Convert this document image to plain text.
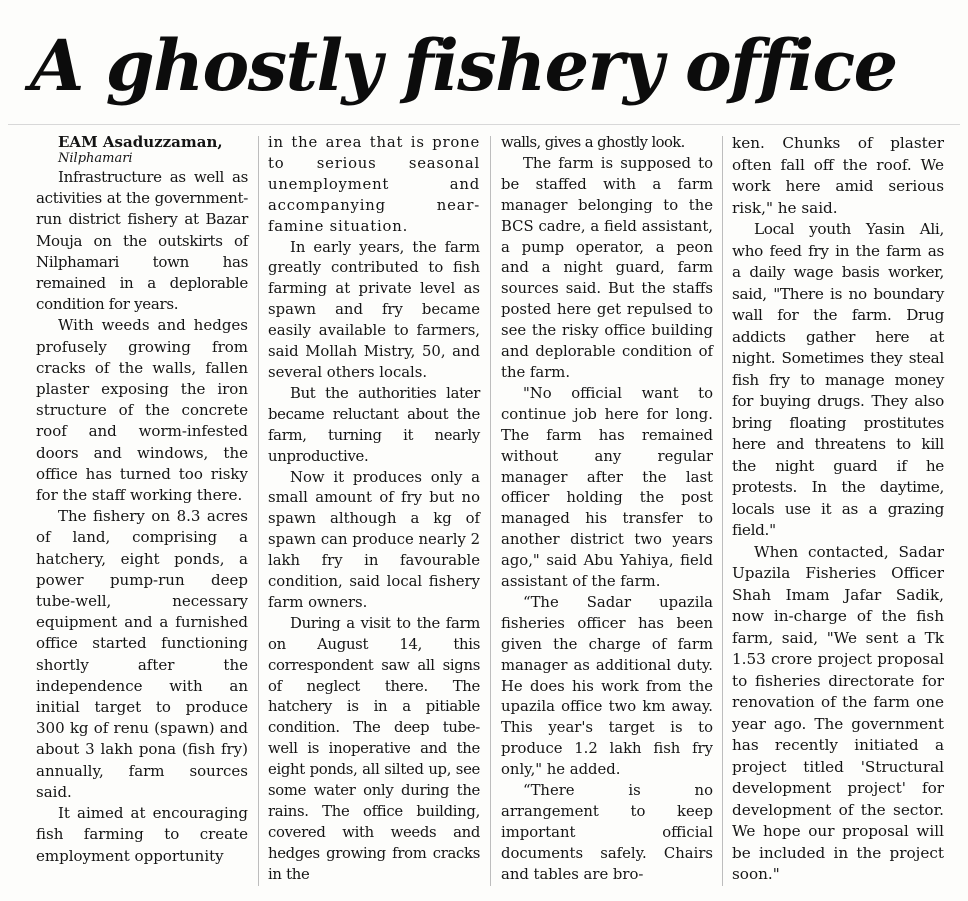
A ghostly fishery office

EAM Asaduzzaman,

Nilphamari

Infrastructure as well as activities at the government-run district fishery at Bazar Mouja on the outskirts of Nilphamari town has remained in a deplorable condition for years.

With weeds and hedges profusely growing from cracks of the walls, fallen plaster exposing the iron structure of the concrete roof and worm-infested doors and windows, the office has turned too risky for the staff working there.

The fishery on 8.3 acres of land, comprising a hatchery, eight ponds, a power pump-run deep tube-well, necessary equipment and a furnished office started functioning shortly after the independence with an initial target to produce 300 kg of renu (spawn) and about 3 lakh pona (fish fry) annually, farm sources said.

It aimed at encouraging fish farming to create employment opportunity

in the area that is prone to serious seasonal unemployment and accompanying near-famine situation.

In early years, the farm greatly contributed to fish farming at private level as spawn and fry became easily available to farmers, said Mollah Mistry, 50, and several others locals.

But the authorities later became reluctant about the farm, turning it nearly unproductive.

Now it produces only a small amount of fry but no spawn although a kg of spawn can produce nearly 2 lakh fry in favourable condition, said local fishery farm owners.

During a visit to the farm on August 14, this correspondent saw all signs of neglect there. The hatchery is in a pitiable condition. The deep tube-well is inoperative and the eight ponds, all silted up, see some water only during the rains. The office building, covered with weeds and hedges growing from cracks in the

walls, gives a ghostly look.

The farm is supposed to be staffed with a farm manager belonging to the BCS cadre, a field assistant, a pump operator, a peon and a night guard, farm sources said. But the staffs posted here get repulsed to see the risky office building and deplorable condition of the farm.

"No official want to continue job here for long. The farm has remained without any regular manager after the last officer holding the post managed his transfer to another district two years ago," said Abu Yahiya, field assistant of the farm.

“The Sadar upazila fisheries officer has been given the charge of farm manager as additional duty. He does his work from the upazila office two km away. This year's target is to produce 1.2 lakh fish fry only," he added.

“There is no arrangement to keep important official documents safely. Chairs and tables are bro-

ken. Chunks of plaster often fall off the roof. We work here amid serious risk," he said.

Local youth Yasin Ali, who feed fry in the farm as a daily wage basis worker, said, "There is no boundary wall for the farm. Drug addicts gather here at night. Sometimes they steal fish fry to manage money for buying drugs. They also bring floating prostitutes here and threatens to kill the night guard if he protests. In the daytime, locals use it as a grazing field."

When contacted, Sadar Upazila Fisheries Officer Shah Imam Jafar Sadik, now in-charge of the fish farm, said, "We sent a Tk 1.53 crore project proposal to fisheries directorate for renovation of the farm one year ago. The government has recently initiated a project titled 'Structural development project' for development of the sector. We hope our proposal will be included in the project soon."
